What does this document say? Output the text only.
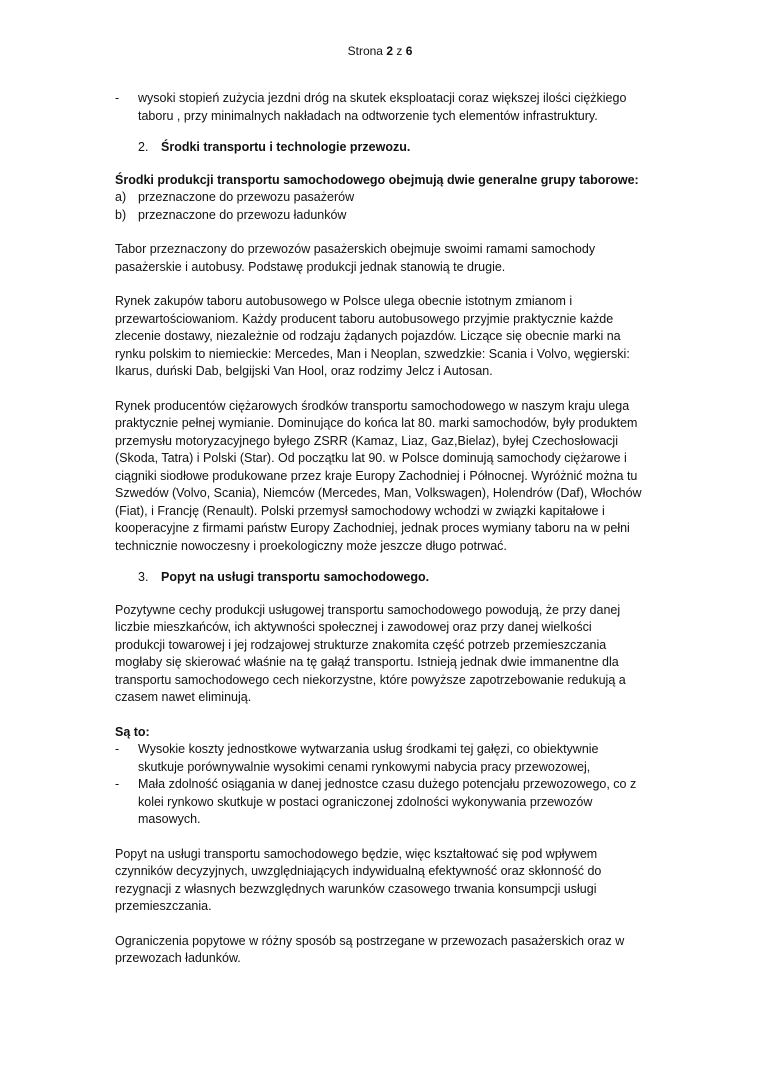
Strona 2 z 6
- wysoki stopień zużycia jezdni dróg na skutek eksploatacji coraz większej ilości ciężkiego taboru , przy minimalnych nakładach na odtworzenie tych elementów infrastruktury.
2. Środki transportu i technologie przewozu.

Środki produkcji transportu samochodowego obejmują dwie generalne grupy taborowe:

a) przeznaczone do przewozu pasażerów
b) przeznaczone do przewozu ładunków

Tabor przeznaczony do przewozów pasażerskich obejmuje swoimi ramami samochody pasażerskie i autobusy. Podstawę produkcji jednak stanowią te drugie.

Rynek zakupów taboru autobusowego w Polsce ulega obecnie istotnym zmianom i przewartościowaniom. Każdy producent taboru autobusowego przyjmie praktycznie każde zlecenie dostawy, niezależnie od rodzaju żądanych pojazdów. Liczące się obecnie marki na rynku polskim to niemieckie: Mercedes, Man i Neoplan, szwedzkie: Scania i Volvo, węgierski: Ikarus, duński Dab, belgijski Van Hool, oraz rodzimy Jelcz i Autosan.

Rynek producentów ciężarowych środków transportu samochodowego w naszym kraju ulega praktycznie pełnej wymianie. Dominujące do końca lat 80. marki samochodów, były produktem przemysłu motoryzacyjnego byłego ZSRR (Kamaz, Liaz, Gaz,Bielaz), byłej Czechosłowacji (Skoda, Tatra) i Polski (Star). Od początku lat 90. w Polsce dominują samochody ciężarowe i ciągniki siodłowe produkowane przez kraje Europy Zachodniej i Północnej. Wyróżnić można tu Szwedów (Volvo, Scania), Niemców (Mercedes, Man, Volkswagen), Holendrów (Daf), Włochów (Fiat), i Francję (Renault). Polski przemysł samochodowy wchodzi w związki kapitałowe i kooperacyjne z firmami państw Europy Zachodniej, jednak proces wymiany taboru na w pełni technicznie nowoczesny i proekologiczny może jeszcze długo potrwać.

3. Popyt na usługi transportu samochodowego.

Pozytywne cechy produkcji usługowej transportu samochodowego powodują, że przy danej liczbie mieszkańców, ich aktywności społecznej i zawodowej oraz przy danej wielkości produkcji towarowej i jej rodzajowej strukturze znakomita część potrzeb przemieszczania mogłaby się skierować właśnie na tę gałąź transportu. Istnieją jednak dwie immanentne dla transportu samochodowego cech niekorzystne, które powyższe zapotrzebowanie redukują a czasem nawet eliminują.

Są to:

- Wysokie koszty jednostkowe wytwarzania usług środkami tej gałęzi, co obiektywnie skutkuje porównywalnie wysokimi cenami rynkowymi nabycia pracy przewozowej,
- Mała zdolność osiągania w danej jednostce czasu dużego potencjału przewozowego, co z kolei rynkowo skutkuje w postaci ograniczonej zdolności wykonywania przewozów masowych.

Popyt na usługi transportu samochodowego będzie, więc kształtować się pod wpływem czynników decyzyjnych, uwzględniających indywidualną efektywność oraz skłonność do rezygnacji z własnych bezwzględnych warunków czasowego trwania konsumpcji usługi przemieszczania.

Ograniczenia popytowe w różny sposób są postrzegane w przewozach pasażerskich oraz w przewozach ładunków.
